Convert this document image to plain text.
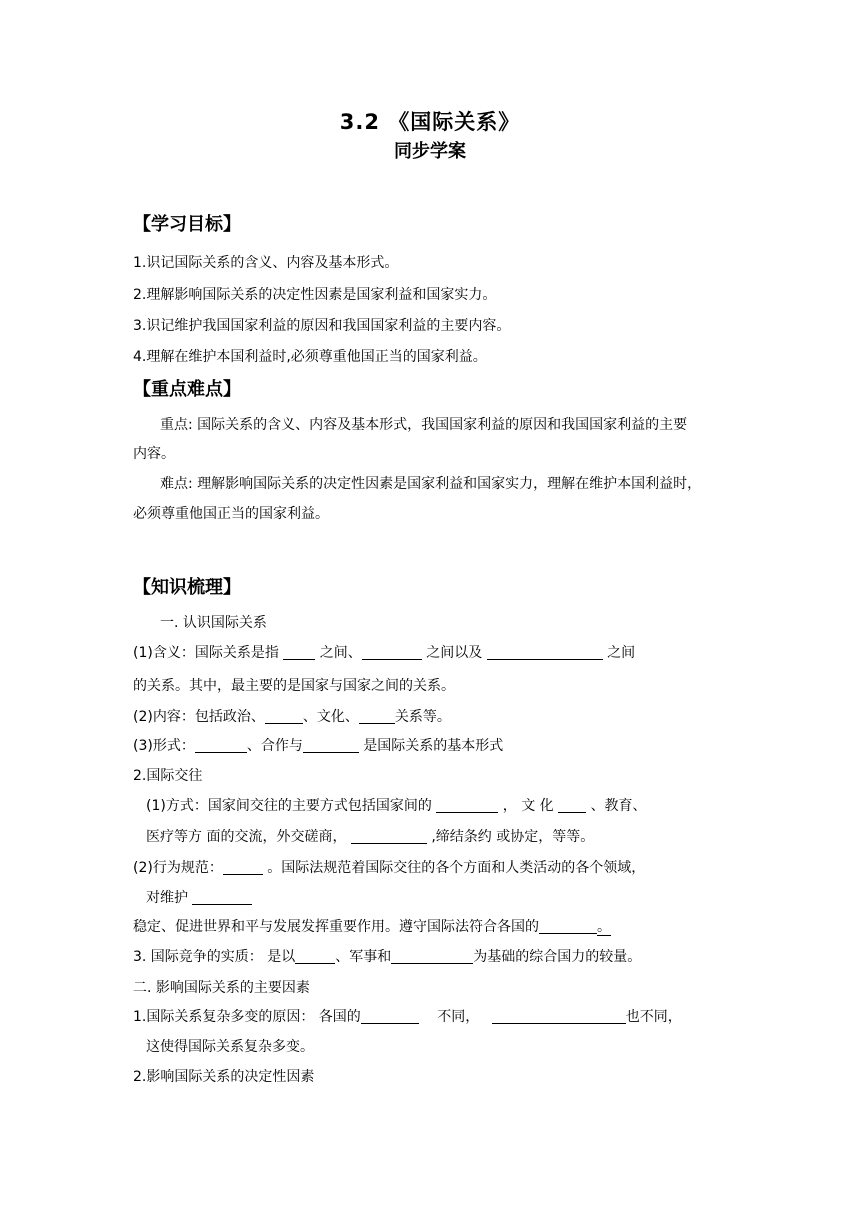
3.2 《国际关系》
同步学案
【学习目标】
1.识记国际关系的含义、内容及基本形式。
2.理解影响国际关系的决定性因素是国家利益和国家实力。
3.识记维护我国国家利益的原因和我国国家利益的主要内容。
4.理解在维护本国利益时,必须尊重他国正当的国家利益。
【重点难点】
重点: 国际关系的含义、内容及基本形式，我国国家利益的原因和我国国家利益的主要
内容。
难点: 理解影响国际关系的决定性因素是国家利益和国家实力，理解在维护本国利益时，
必须尊重他国正当的国家利益。
【知识梳理】
一. 认识国际关系
(1)含义：国际关系是指	之间、	之间以及	之间
的关系。其中，最主要的是国家与国家之间的关系。
(2)内容：包括政治、	、文化、	关系等。
(3)形式：	、合作与	是国际关系的基本形式
2.国际交往
(1)方式：国家间交往的主要方式包括国家间的	， 文 化	、教育、
医疗等方 面的交流，外交磋商，	,缔结条约 或协定，等等。
(2)行为规范：	。国际法规范着国际交往的各个方面和人类活动的各个领域，
对维护
稳定、促进世界和平与发展发挥重要作用。遵守国际法符合各国的	。
3. 国际竞争的实质： 是以	、军事和	为基础的综合国力的较量。
二. 影响国际关系的主要因素
1.国际关系复杂多变的原因： 各国的	不同，	也不同，
这使得国际关系复杂多变。
2.影响国际关系的决定性因素
